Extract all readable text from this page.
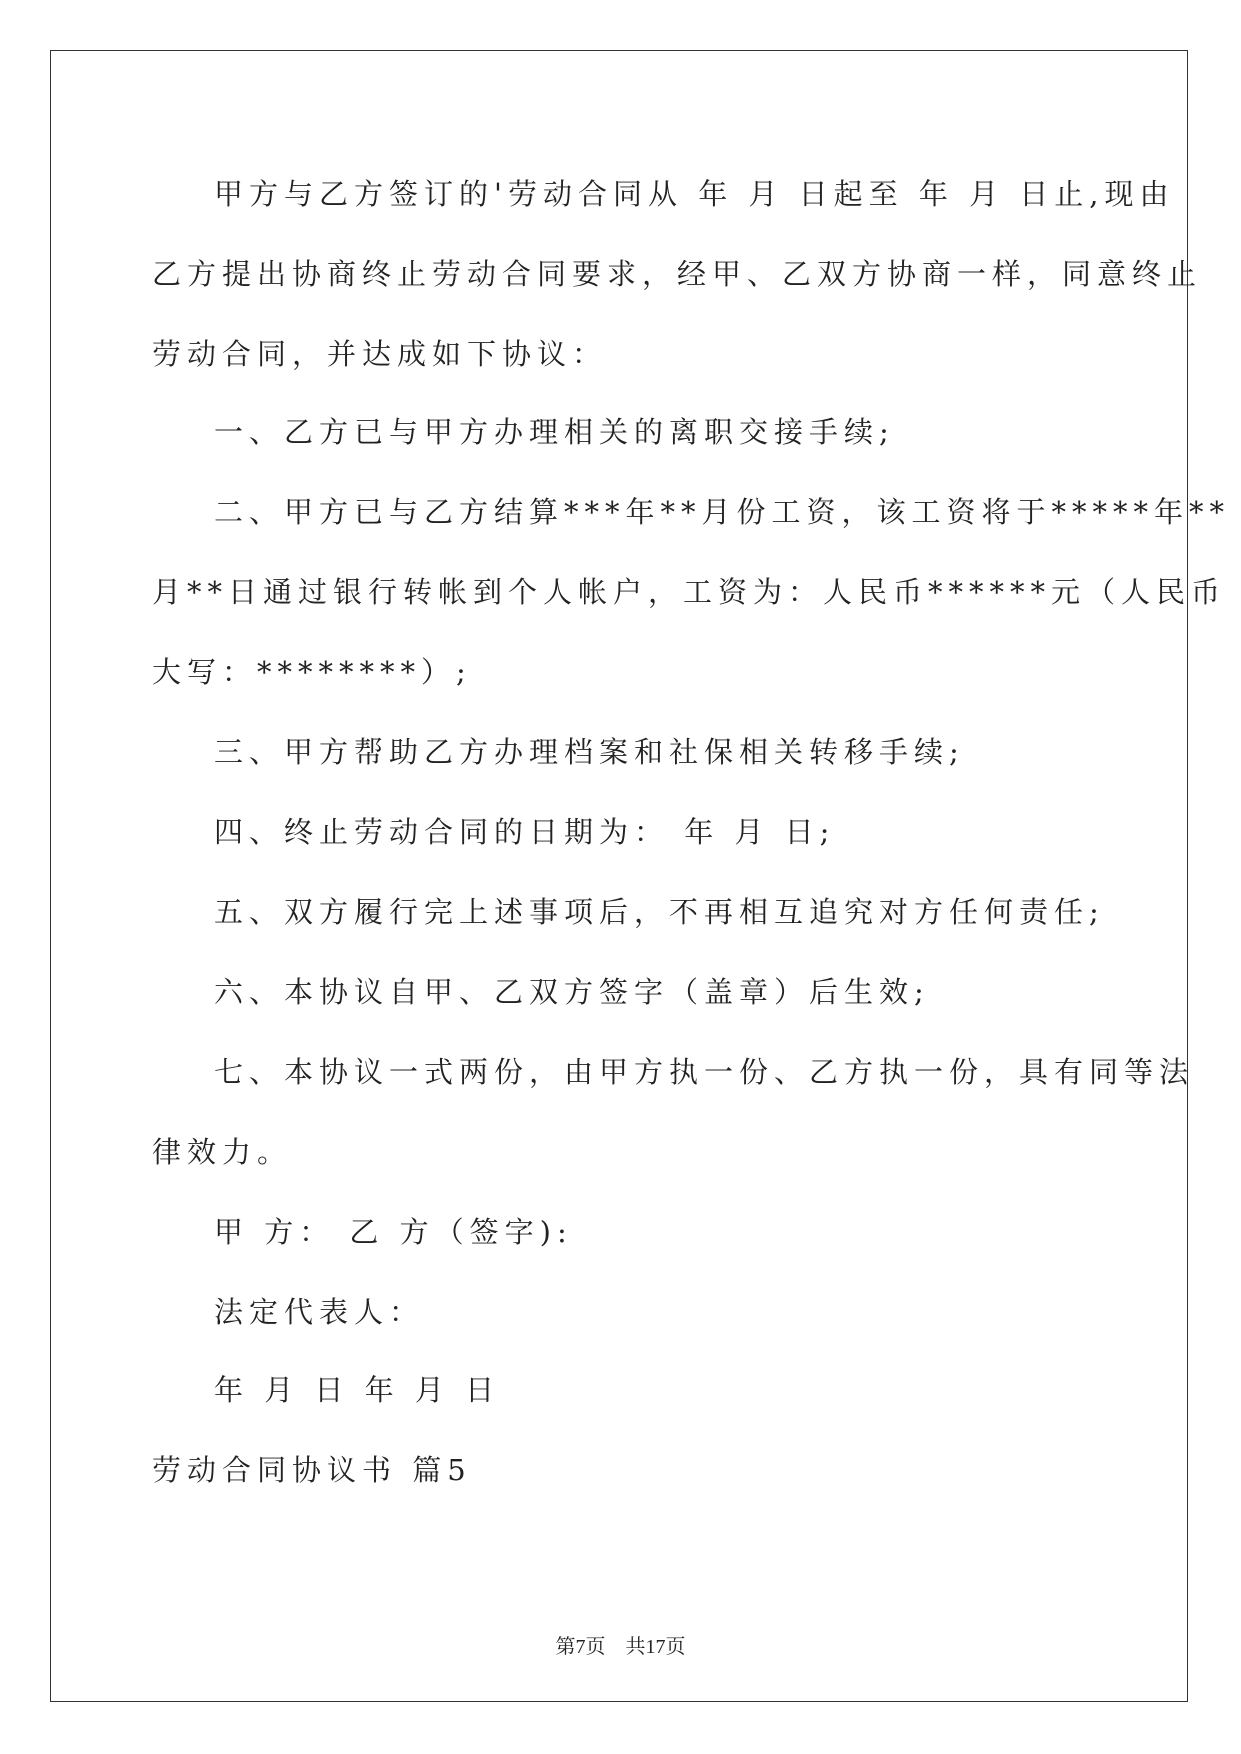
甲方与乙方签订的'劳动合同从 年 月 日起至 年 月 日止,现由
乙方提出协商终止劳动合同要求，经甲、乙双方协商一样，同意终止
劳动合同，并达成如下协议：
一、乙方已与甲方办理相关的离职交接手续;
二、甲方已与乙方结算***年**月份工资，该工资将于*****年**
月**日通过银行转帐到个人帐户，工资为：人民币******元（人民币
大写：********）;
三、甲方帮助乙方办理档案和社保相关转移手续;
四、终止劳动合同的日期为： 年 月 日;
五、双方履行完上述事项后，不再相互追究对方任何责任;
六、本协议自甲、乙双方签字（盖章）后生效;
七、本协议一式两份，由甲方执一份、乙方执一份，具有同等法
律效力。
甲 方： 乙 方（签字):
法定代表人：
年 月 日 年 月 日
劳动合同协议书 篇5
第7页　共17页
